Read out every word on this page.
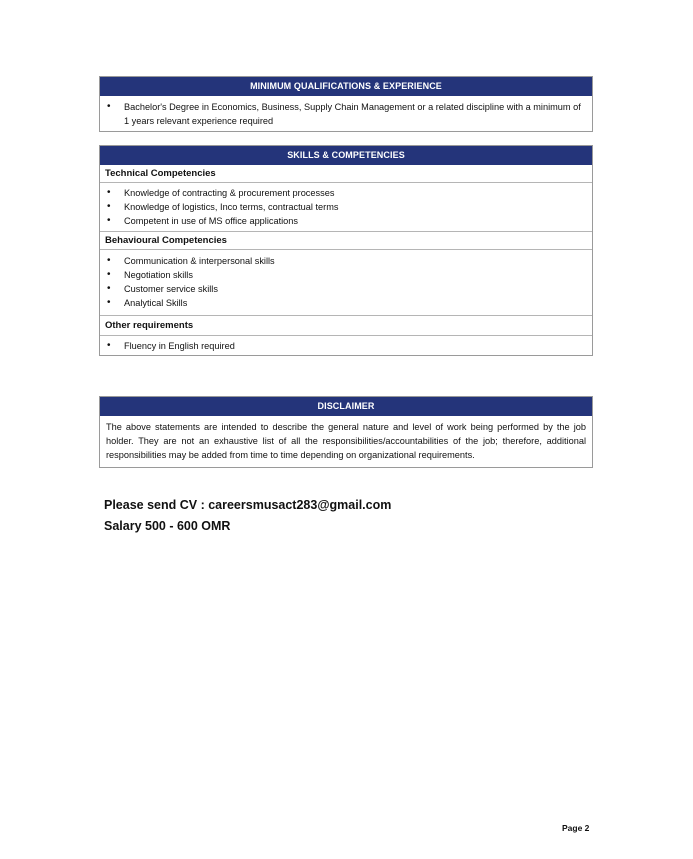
MINIMUM QUALIFICATIONS & EXPERIENCE
• Bachelor's Degree in Economics, Business, Supply Chain Management or a related discipline with a minimum of 1 years relevant experience required
SKILLS & COMPETENCIES
Technical Competencies
• Knowledge of contracting & procurement processes
• Knowledge of logistics, Inco terms, contractual terms
• Competent in use of MS office applications
Behavioural Competencies
• Communication & interpersonal skills
• Negotiation skills
• Customer service skills
• Analytical Skills
Other requirements
• Fluency in English required
DISCLAIMER
The above statements are intended to describe the general nature and level of work being performed by the job holder. They are not an exhaustive list of all the responsibilities/accountabilities of the job; therefore, additional responsibilities may be added from time to time depending on organizational requirements.
Please send CV : careersmusact283@gmail.com
Salary 500 - 600 OMR
Page 2
